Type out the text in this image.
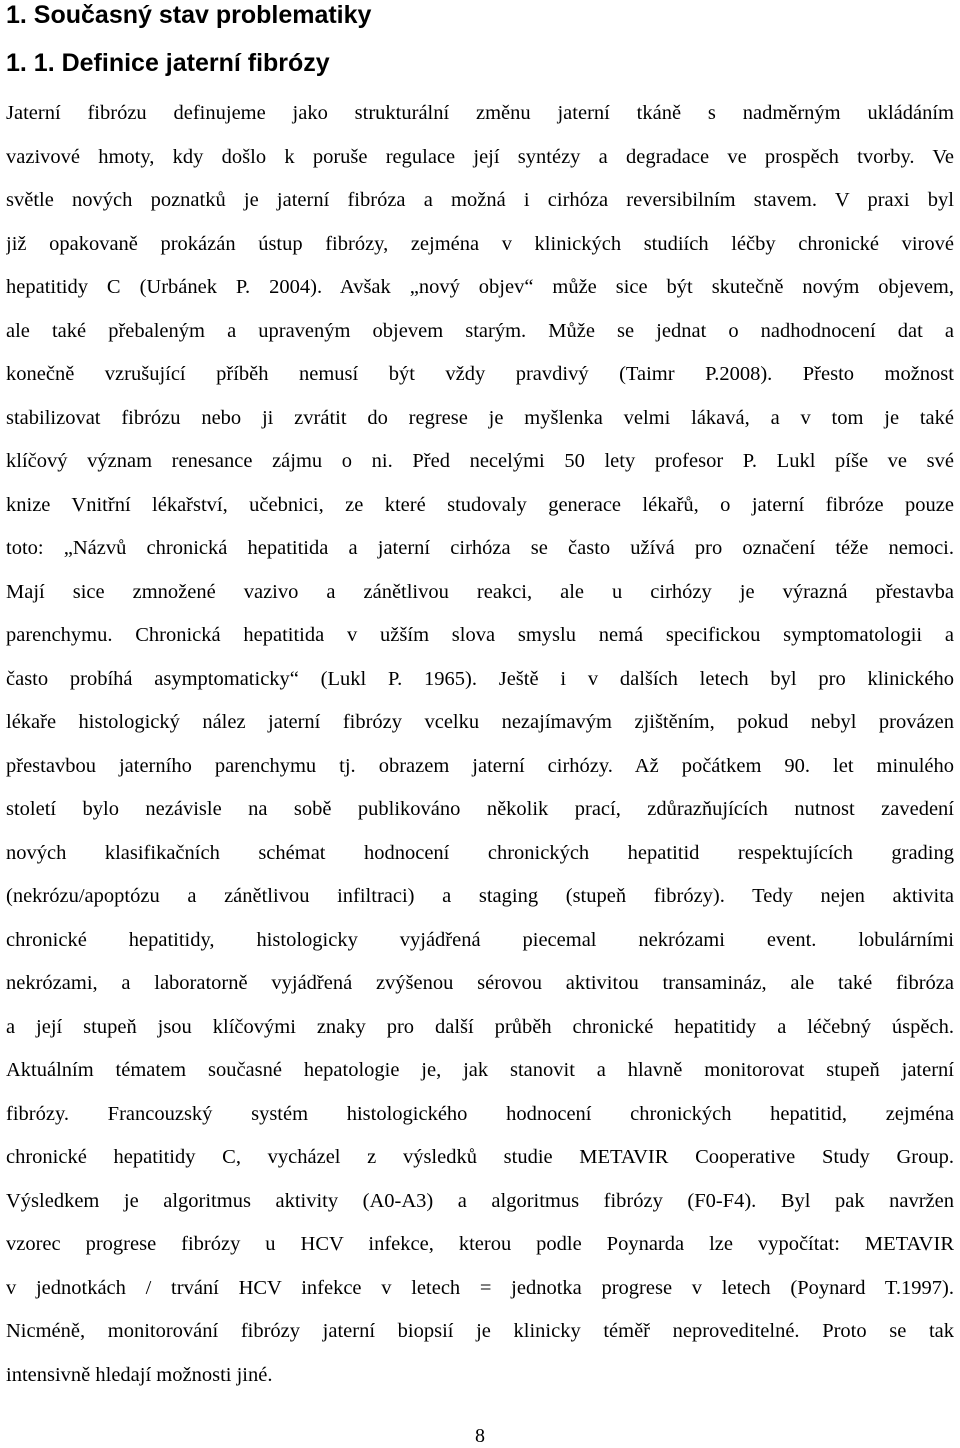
1. Současný stav problematiky
1. 1. Definice jaterní fibrózy
Jaterní fibrózu definujeme jako strukturální změnu jaterní tkáně s nadměrným ukládáním
vazivové hmoty, kdy došlo k poruše regulace její syntézy a degradace ve prospěch tvorby. Ve
světle nových poznatků je jaterní fibróza a možná i cirhóza reversibilním stavem. V praxi byl
již opakovaně prokázán ústup fibrózy, zejména v klinických studiích léčby chronické virové
hepatitidy C (Urbánek P. 2004). Avšak „nový objev“ může sice být skutečně novým objevem,
ale také přebaleným a upraveným objevem starým. Může se jednat o nadhodnocení dat a
konečně vzrušující příběh nemusí být vždy pravdivý (Taimr P.2008). Přesto možnost
stabilizovat fibrózu nebo ji zvrátit do regrese je myšlenka velmi lákavá, a v tom je také
klíčový význam renesance zájmu o ni. Před necelými 50 lety profesor P. Lukl píše ve své
knize Vnitřní lékařství, učebnici, ze které studovaly generace lékařů, o jaterní fibróze pouze
toto: „Názvů chronická hepatitida a jaterní cirhóza se často užívá pro označení téže nemoci.
Mají sice zmnožené vazivo a zánětlivou reakci, ale u cirhózy je výrazná přestavba
parenchymu. Chronická hepatitida v užším slova smyslu nemá specifickou symptomatologii a
často probíhá asymptomaticky“ (Lukl P. 1965). Ještě i v dalších letech byl pro klinického
lékaře histologický nález jaterní fibrózy vcelku nezajímavým zjištěním, pokud nebyl provázen
přestavbou jaterního parenchymu tj. obrazem jaterní cirhózy. Až počátkem 90. let minulého
století bylo nezávisle na sobě publikováno několik prací, zdůrazňujících nutnost zavedení
nových klasifikačních schémat hodnocení chronických hepatitid respektujících grading
(nekrózu/apoptózu a zánětlivou infiltraci) a staging (stupeň fibrózy). Tedy nejen aktivita
chronické hepatitidy, histologicky vyjádřená piecemal nekrózami event. lobulárními
nekrózami, a laboratorně vyjádřená zvýšenou sérovou aktivitou transamináz, ale také fibróza
a její stupeň jsou klíčovými znaky pro další průběh chronické hepatitidy a léčebný úspěch.
Aktuálním tématem současné hepatologie je, jak stanovit a hlavně monitorovat stupeň jaterní
fibrózy. Francouzský systém histologického hodnocení chronických hepatitid, zejména
chronické hepatitidy C, vycházel z výsledků studie METAVIR Cooperative Study Group.
Výsledkem je algoritmus aktivity (A0-A3) a algoritmus fibrózy (F0-F4). Byl pak navržen
vzorec progrese fibrózy u HCV infekce, kterou podle Poynarda lze vypočítat: METAVIR
v jednotkách / trvání HCV infekce v letech = jednotka progrese v letech (Poynard T.1997).
Nicméně, monitorování fibrózy jaterní biopsií je klinicky téměř neproveditelné. Proto se tak
intensivně hledají možnosti jiné.
8
